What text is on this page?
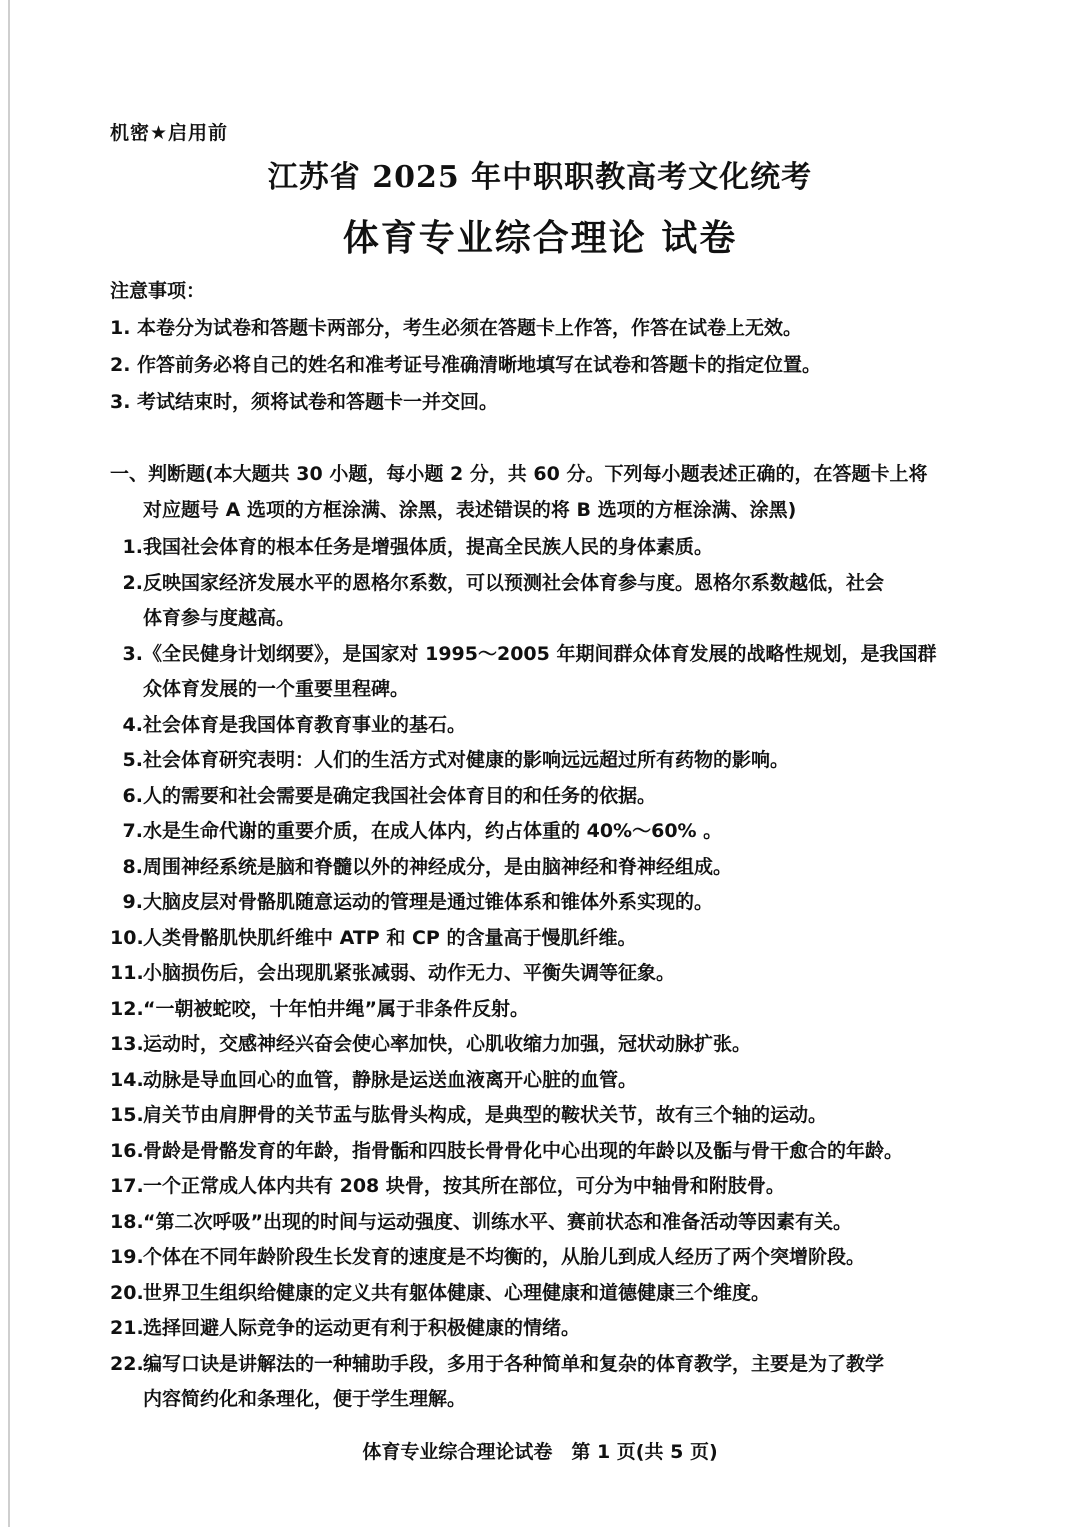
机密★启用前
江苏省 2025 年中职职教高考文化统考
体育专业综合理论 试卷
注意事项：
1. 本卷分为试卷和答题卡两部分，考生必须在答题卡上作答，作答在试卷上无效。
2. 作答前务必将自己的姓名和准考证号准确清晰地填写在试卷和答题卡的指定位置。
3. 考试结束时，须将试卷和答题卡一并交回。
一、判断题(本大题共 30 小题，每小题 2 分，共 60 分。下列每小题表述正确的，在答题卡上将
对应题号 A 选项的方框涂满、涂黑，表述错误的将 B 选项的方框涂满、涂黑)
1.我国社会体育的根本任务是增强体质，提高全民族人民的身体素质。
2.反映国家经济发展水平的恩格尔系数，可以预测社会体育参与度。恩格尔系数越低，社会
体育参与度越高。
3.《全民健身计划纲要》，是国家对 1995～2005 年期间群众体育发展的战略性规划，是我国群
众体育发展的一个重要里程碑。
4.社会体育是我国体育教育事业的基石。
5.社会体育研究表明：人们的生活方式对健康的影响远远超过所有药物的影响。
6.人的需要和社会需要是确定我国社会体育目的和任务的依据。
7.水是生命代谢的重要介质，在成人体内，约占体重的 40%～60% 。
8.周围神经系统是脑和脊髓以外的神经成分，是由脑神经和脊神经组成。
9.大脑皮层对骨骼肌随意运动的管理是通过锥体系和锥体外系实现的。
10.人类骨骼肌快肌纤维中 ATP 和 CP 的含量高于慢肌纤维。
11.小脑损伤后，会出现肌紧张减弱、动作无力、平衡失调等征象。
12.“一朝被蛇咬，十年怕井绳”属于非条件反射。
13.运动时，交感神经兴奋会使心率加快，心肌收缩力加强，冠状动脉扩张。
14.动脉是导血回心的血管，静脉是运送血液离开心脏的血管。
15.肩关节由肩胛骨的关节盂与肱骨头构成，是典型的鞍状关节，故有三个轴的运动。
16.骨龄是骨骼发育的年龄，指骨骺和四肢长骨骨化中心出现的年龄以及骺与骨干愈合的年龄。
17.一个正常成人体内共有 208 块骨，按其所在部位，可分为中轴骨和附肢骨。
18.“第二次呼吸”出现的时间与运动强度、训练水平、赛前状态和准备活动等因素有关。
19.个体在不同年龄阶段生长发育的速度是不均衡的，从胎儿到成人经历了两个突增阶段。
20.世界卫生组织给健康的定义共有躯体健康、心理健康和道德健康三个维度。
21.选择回避人际竞争的运动更有利于积极健康的情绪。
22.编写口诀是讲解法的一种辅助手段，多用于各种简单和复杂的体育教学，主要是为了教学
内容简约化和条理化，便于学生理解。
体育专业综合理论试卷　第 1 页(共 5 页)
